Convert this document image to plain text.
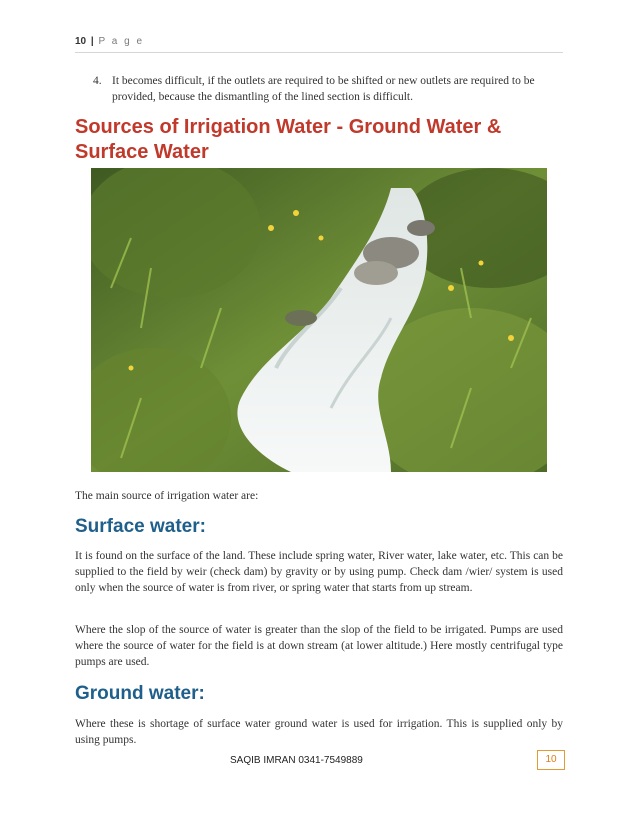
10 | P a g e
4. It becomes difficult, if the outlets are required to be shifted or new outlets are required to be provided, because the dismantling of the lined section is difficult.
Sources of Irrigation Water - Ground Water & Surface Water
The main source of irrigation water are:
Surface water:
It is found on the surface of the land. These include spring water, River water, lake water, etc. This can be supplied to the field by weir (check dam) by gravity or by using pump. Check dam /wier/ system is used only when the source of water is from river, or spring water that starts from up stream.
Where the slop of the source of water is greater than the slop of the field to be irrigated. Pumps are used where the source of water for the field is at down stream (at lower altitude.) Here mostly centrifugal type pumps are used.
Ground water:
Where these is shortage of surface water ground water is used for irrigation. This is supplied only by using pumps.
SAQIB IMRAN 0341-7549889	10
